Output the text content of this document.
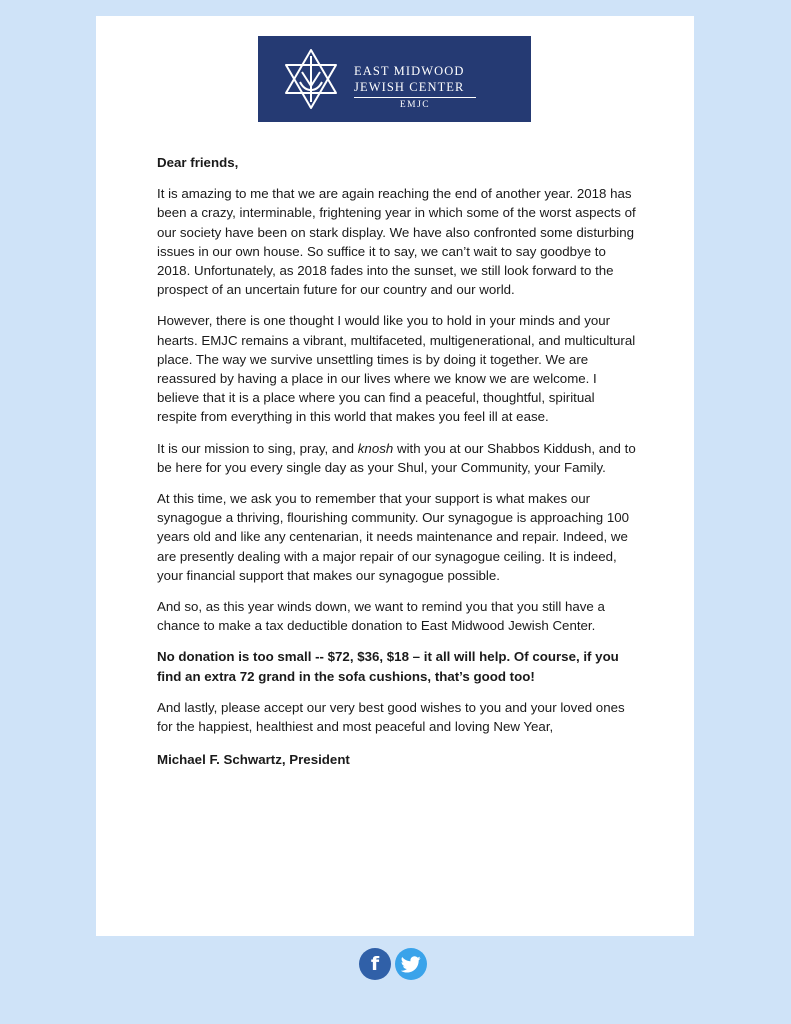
EAST MIDWOOD
JEWISH CENTER
EMJC

Dear friends,

It is amazing to me that we are again reaching the end of another year. 2018 has been a crazy, interminable, frightening year in which some of the worst aspects of our society have been on stark display. We have also confronted some disturbing issues in our own house. So suffice it to say, we can’t wait to say goodbye to 2018. Unfortunately, as 2018 fades into the sunset, we still look forward to the prospect of an uncertain future for our country and our world.

However, there is one thought I would like you to hold in your minds and your hearts. EMJC remains a vibrant, multifaceted, multigenerational, and multicultural place. The way we survive unsettling times is by doing it together. We are reassured by having a place in our lives where we know we are welcome. I believe that it is a place where you can find a peaceful, thoughtful, spiritual respite from everything in this world that makes you feel ill at ease.

It is our mission to sing, pray, and knosh with you at our Shabbos Kiddush, and to be here for you every single day as your Shul, your Community, your Family.

At this time, we ask you to remember that your support is what makes our synagogue a thriving, flourishing community. Our synagogue is approaching 100 years old and like any centenarian, it needs maintenance and repair. Indeed, we are presently dealing with a major repair of our synagogue ceiling. It is indeed, your financial support that makes our synagogue possible.

And so, as this year winds down, we want to remind you that you still have a chance to make a tax deductible donation to East Midwood Jewish Center.

No donation is too small -- $72, $36, $18 – it all will help. Of course, if you find an extra 72 grand in the sofa cushions, that’s good too!

And lastly, please accept our very best good wishes to you and your loved ones for the happiest, healthiest and most peaceful and loving New Year,

Michael F. Schwartz, President

f
